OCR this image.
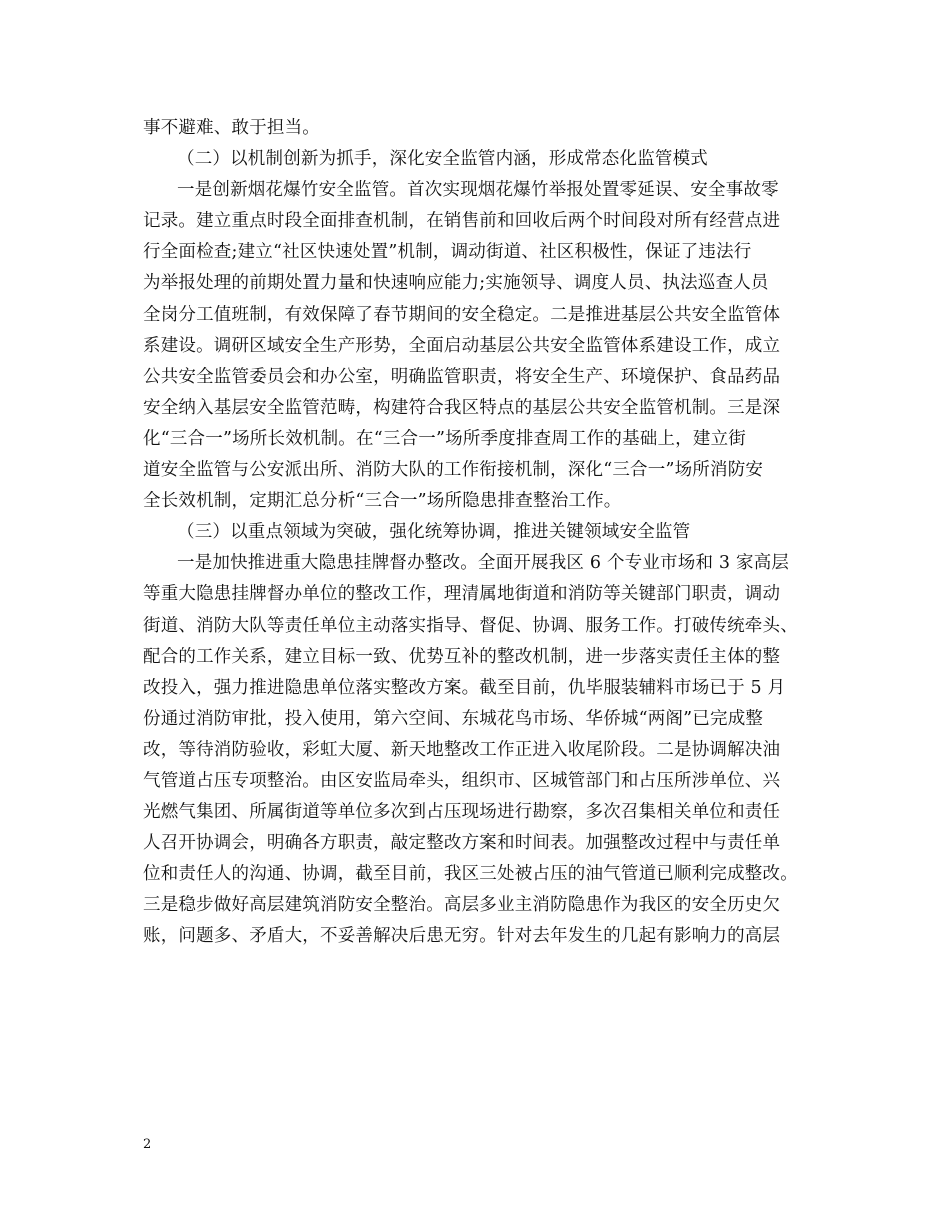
事不避难、敢于担当。
（二）以机制创新为抓手，深化安全监管内涵，形成常态化监管模式
一是创新烟花爆竹安全监管。首次实现烟花爆竹举报处置零延误、安全事故零
记录。建立重点时段全面排查机制，在销售前和回收后两个时间段对所有经营点进
行全面检查;建立“社区快速处置”机制，调动街道、社区积极性，保证了违法行
为举报处理的前期处置力量和快速响应能力;实施领导、调度人员、执法巡查人员
全岗分工值班制，有效保障了春节期间的安全稳定。二是推进基层公共安全监管体
系建设。调研区域安全生产形势，全面启动基层公共安全监管体系建设工作，成立
公共安全监管委员会和办公室，明确监管职责，将安全生产、环境保护、食品药品
安全纳入基层安全监管范畴，构建符合我区特点的基层公共安全监管机制。三是深
化“三合一”场所长效机制。在“三合一”场所季度排查周工作的基础上，建立街
道安全监管与公安派出所、消防大队的工作衔接机制，深化“三合一”场所消防安
全长效机制，定期汇总分析“三合一”场所隐患排查整治工作。
（三）以重点领域为突破，强化统筹协调，推进关键领域安全监管
一是加快推进重大隐患挂牌督办整改。全面开展我区 6 个专业市场和 3 家高层
等重大隐患挂牌督办单位的整改工作，理清属地街道和消防等关键部门职责，调动
街道、消防大队等责任单位主动落实指导、督促、协调、服务工作。打破传统牵头、
配合的工作关系，建立目标一致、优势互补的整改机制，进一步落实责任主体的整
改投入，强力推进隐患单位落实整改方案。截至目前，仇毕服装辅料市场已于 5 月
份通过消防审批，投入使用，第六空间、东城花鸟市场、华侨城“两阁”已完成整
改，等待消防验收，彩虹大厦、新天地整改工作正进入收尾阶段。二是协调解决油
气管道占压专项整治。由区安监局牵头，组织市、区城管部门和占压所涉单位、兴
光燃气集团、所属街道等单位多次到占压现场进行勘察，多次召集相关单位和责任
人召开协调会，明确各方职责，敲定整改方案和时间表。加强整改过程中与责任单
位和责任人的沟通、协调，截至目前，我区三处被占压的油气管道已顺利完成整改。
三是稳步做好高层建筑消防安全整治。高层多业主消防隐患作为我区的安全历史欠
账，问题多、矛盾大，不妥善解决后患无穷。针对去年发生的几起有影响力的高层
2
